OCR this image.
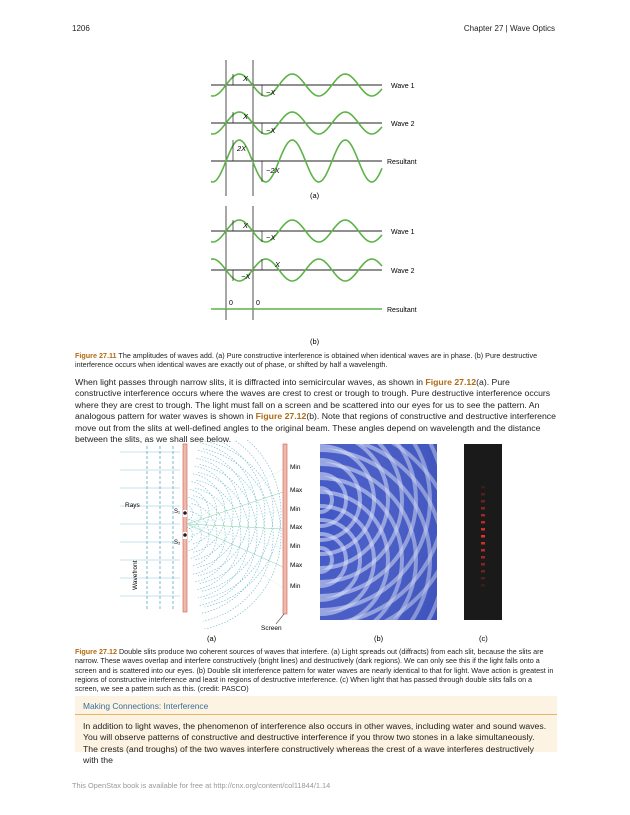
1206	Chapter 27 | Wave Optics
X
−X
X
−X
2X
−2X
Wave 1
Wave 2
Resultant
(a)
X
−X
−X
X
0	0
Wave 1
Wave 2
Resultant
(b)
Figure 27.11 The amplitudes of waves add. (a) Pure constructive interference is obtained when identical waves are in phase. (b) Pure destructive interference occurs when identical waves are exactly out of phase, or shifted by half a wavelength.
When light passes through narrow slits, it is diffracted into semicircular waves, as shown in Figure 27.12(a). Pure constructive interference occurs where the waves are crest to crest or trough to trough. Pure destructive interference occurs where they are crest to trough. The light must fall on a screen and be scattered into our eyes for us to see the pattern. An analogous pattern for water waves is shown in Figure 27.12(b). Note that regions of constructive and destructive interference move out from the slits at well-defined angles to the original beam. These angles depend on wavelength and the distance between the slits, as we shall see below.
Rays
Wavefront
S₁
S₂
Screen
Min
Max
Min
Max
Min
Max
Min
(a)	(b)	(c)
Figure 27.12 Double slits produce two coherent sources of waves that interfere. (a) Light spreads out (diffracts) from each slit, because the slits are narrow. These waves overlap and interfere constructively (bright lines) and destructively (dark regions). We can only see this if the light falls onto a screen and is scattered into our eyes. (b) Double slit interference pattern for water waves are nearly identical to that for light. Wave action is greatest in regions of constructive interference and least in regions of destructive interference. (c) When light that has passed through double slits falls on a screen, we see a pattern such as this. (credit: PASCO)
Making Connections: Interference
In addition to light waves, the phenomenon of interference also occurs in other waves, including water and sound waves. You will observe patterns of constructive and destructive interference if you throw two stones in a lake simultaneously. The crests (and troughs) of the two waves interfere constructively whereas the crest of a wave interferes destructively with the
This OpenStax book is available for free at http://cnx.org/content/col11844/1.14
